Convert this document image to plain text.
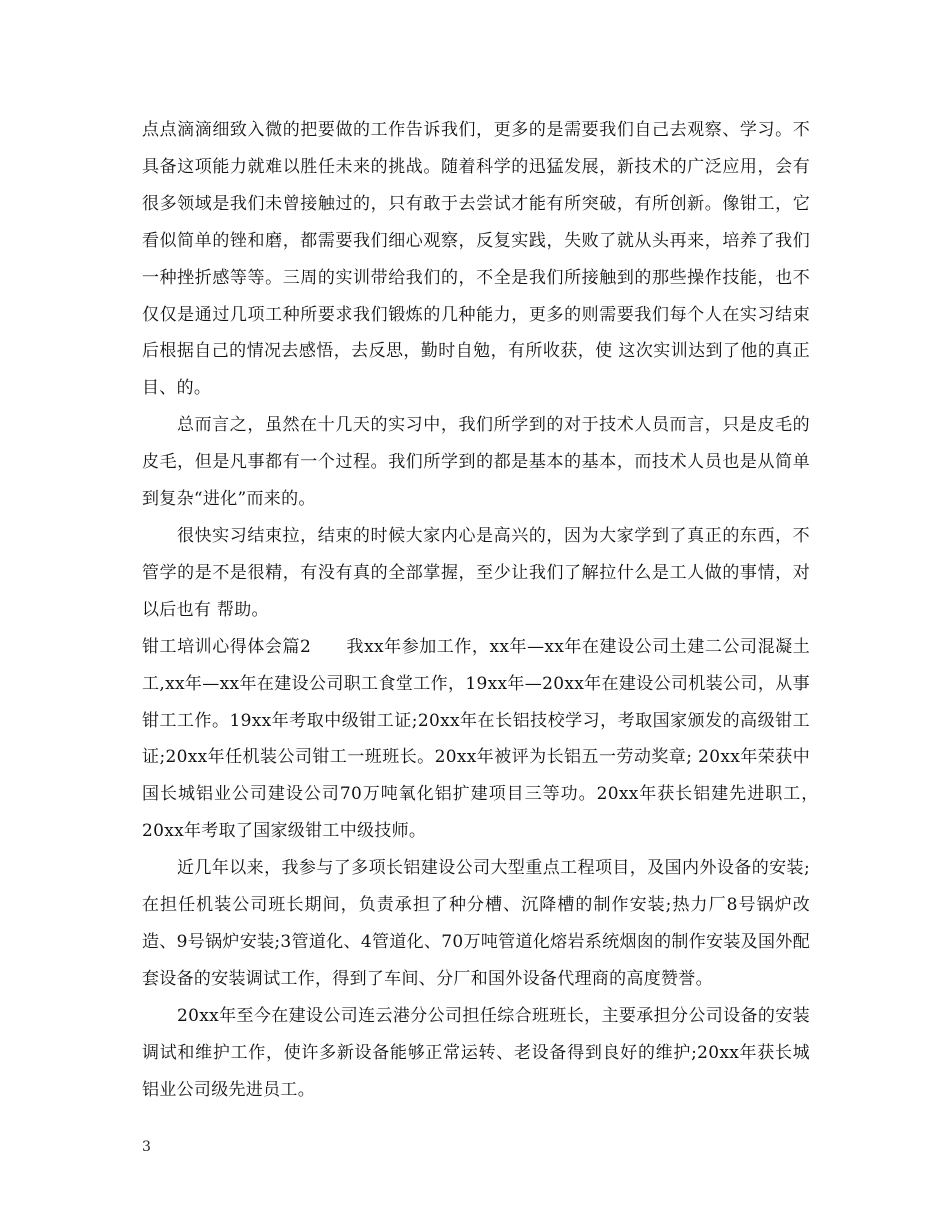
点点滴滴细致入微的把要做的工作告诉我们，更多的是需要我们自己去观察、学习。不具备这项能力就难以胜任未来的挑战。随着科学的迅猛发展，新技术的广泛应用，会有很多领域是我们未曾接触过的，只有敢于去尝试才能有所突破，有所创新。像钳工，它看似简单的锉和磨，都需要我们细心观察，反复实践，失败了就从头再来，培养了我们一种挫折感等等。三周的实训带给我们的，不全是我们所接触到的那些操作技能，也不仅仅是通过几项工种所要求我们锻炼的几种能力，更多的则需要我们每个人在实习结束后根据自己的情况去感悟，去反思，勤时自勉，有所收获，使 这次实训达到了他的真正目、的。

总而言之，虽然在十几天的实习中，我们所学到的对于技术人员而言，只是皮毛的皮毛，但是凡事都有一个过程。我们所学到的都是基本的基本，而技术人员也是从简单到复杂“进化”而来的。

很快实习结束拉，结束的时候大家内心是高兴的，因为大家学到了真正的东西，不管学的是不是很精，有没有真的全部掌握，至少让我们了解拉什么是工人做的事情，对以后也有 帮助。

钳工培训心得体会篇2　　我xx年参加工作，xx年—xx年在建设公司土建二公司混凝土工,xx年—xx年在建设公司职工食堂工作，19xx年—20xx年在建设公司机装公司，从事钳工工作。19xx年考取中级钳工证;20xx年在长铝技校学习，考取国家颁发的高级钳工证;20xx年任机装公司钳工一班班长。20xx年被评为长铝五一劳动奖章; 20xx年荣获中国长城铝业公司建设公司70万吨氧化铝扩建项目三等功。20xx年获长铝建先进职工，　20xx年考取了国家级钳工中级技师。

近几年以来，我参与了多项长铝建设公司大型重点工程项目，及国内外设备的安装;在担任机装公司班长期间，负责承担了种分槽、沉降槽的制作安装;热力厂8号锅炉改造、9号锅炉安装;3管道化、4管道化、70万吨管道化熔岩系统烟囱的制作安装及国外配套设备的安装调试工作，得到了车间、分厂和国外设备代理商的高度赞誉。

20xx年至今在建设公司连云港分公司担任综合班班长，主要承担分公司设备的安装调试和维护工作，使许多新设备能够正常运转、老设备得到良好的维护;20xx年获长城铝业公司级先进员工。

3
